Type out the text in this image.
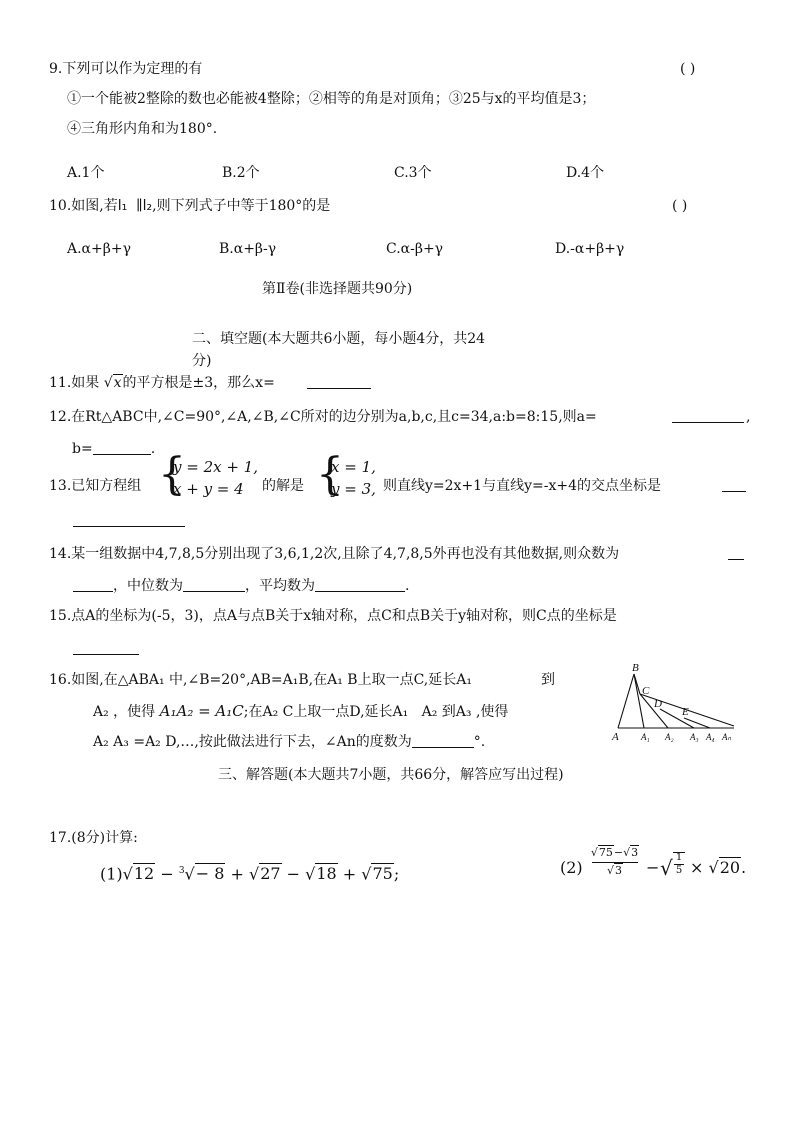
9.下列可以作为定理的有	( )
①一个能被2整除的数也必能被4整除；②相等的角是对顶角；③25与x的平均值是3；
④三角形内角和为180°.
A.1个	B.2个	C.3个	D.4个
10.如图,若l₁ ∥l₂,则下列式子中等于180°的是	( )
A.α+β+γ	B.α+β-γ	C.α-β+γ	D.-α+β+γ
第Ⅱ卷(非选择题共90分)
二、填空题(本大题共6小题，每小题4分，共24
分)
11.如果 √x的平方根是±3，那么x=
12.在Rt△ABC中,∠C=90°,∠A,∠B,∠C所对的边分别为a,b,c,且c=34,a:b=8:15,则a=	,
b=	.
13.已知方程组 {
y = 2x + 1,
x + y = 4	的解是 {
x = 1,
y = 3, 则直线y=2x+1与直线y=-x+4的交点坐标是
14.某一组数据中4,7,8,5分别出现了3,6,1,2次,且除了4,7,8,5外再也没有其他数据,则众数为
，中位数为	，平均数为	.
15.点A的坐标为(-5，3)，点A与点B关于x轴对称，点C和点B关于y轴对称，则C点的坐标是
16.如图,在△ABA₁ 中,∠B=20°,AB=A₁B,在A₁ B上取一点C,延长A₁	到
A₂ ，使得 A₁A₂ = A₁C;在A₂ C上取一点D,延长A₁ A₂ 到A₃ ,使得
A₂ A₃ =A₂ D,…,按此做法进行下去，∠An的度数为	°.
B
C
D
E
A A₁ A₂ A₃ A₄ Aₙ
三、解答题(本大题共7小题，共66分，解答应写出过程)
17.(8分)计算:
(1)√12 − $^3$√− 8 + √27 − √18 + √75;	(2)
√75−√3
√3	− √ 1
5 × √20.
